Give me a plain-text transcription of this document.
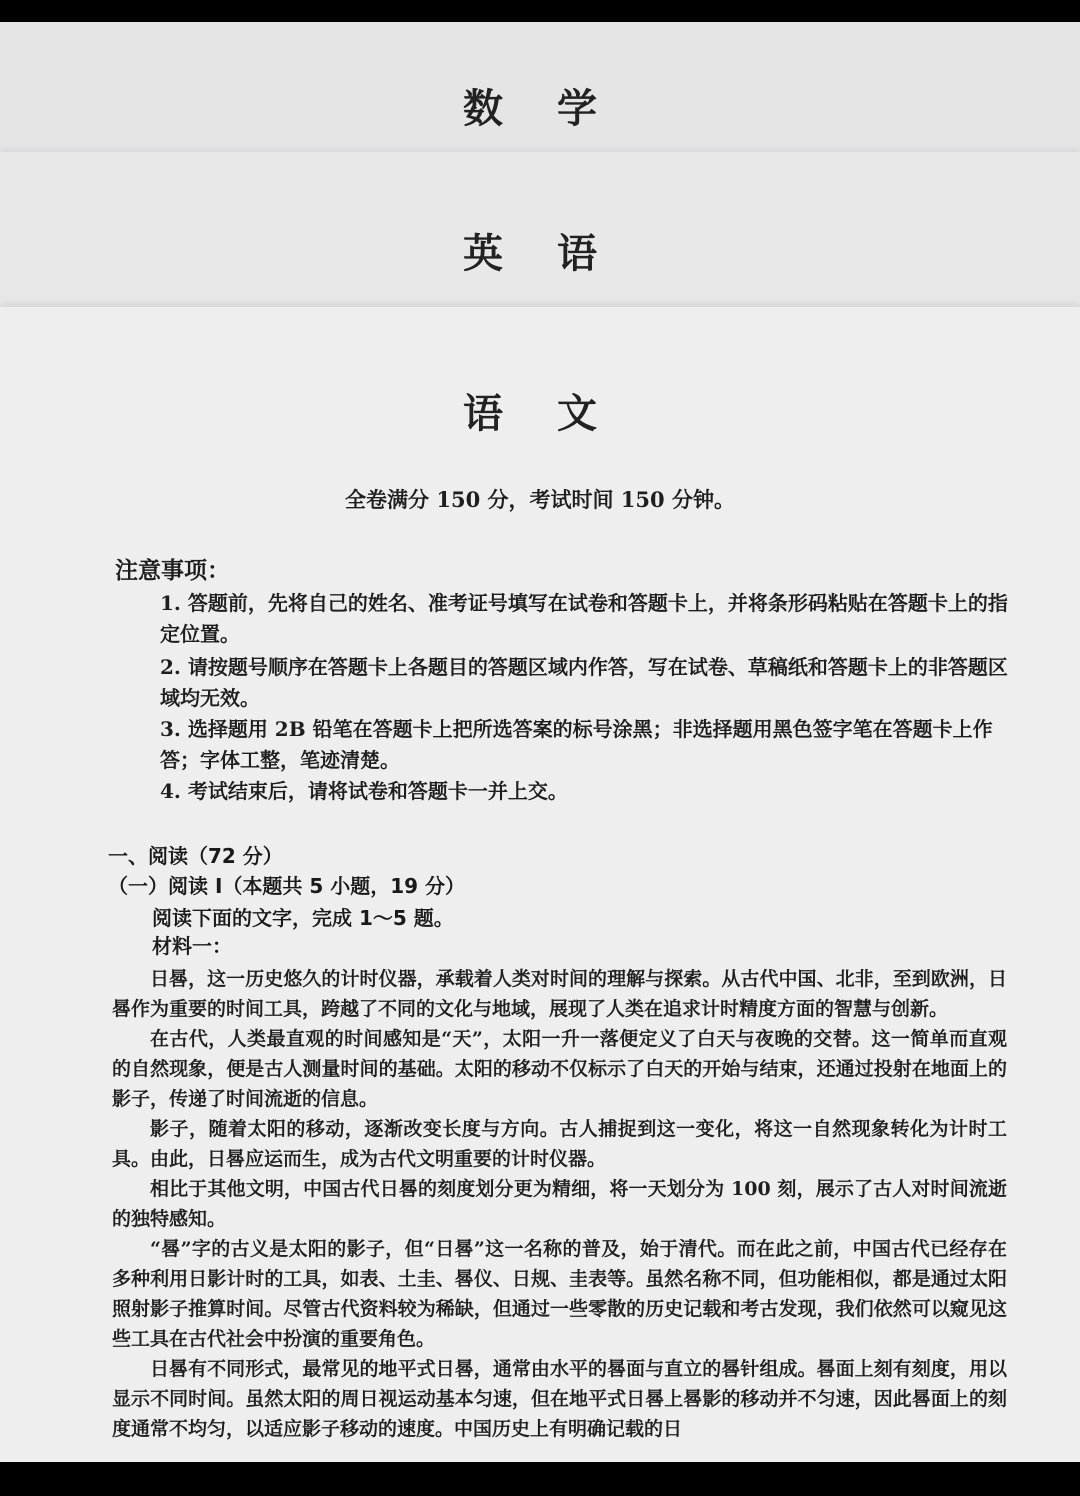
数 学
英 语
语 文
全卷满分 150 分，考试时间 150 分钟。
注意事项：
1. 答题前，先将自己的姓名、准考证号填写在试卷和答题卡上，并将条形码粘贴在答题卡上的指定位置。
2. 请按题号顺序在答题卡上各题目的答题区域内作答，写在试卷、草稿纸和答题卡上的非答题区域均无效。
3. 选择题用 2B 铅笔在答题卡上把所选答案的标号涂黑；非选择题用黑色签字笔在答题卡上作答；字体工整，笔迹清楚。
4. 考试结束后，请将试卷和答题卡一并上交。
一、阅读（72 分）
（一）阅读 Ⅰ（本题共 5 小题，19 分）
阅读下面的文字，完成 1～5 题。
材料一：

日晷，这一历史悠久的计时仪器，承载着人类对时间的理解与探索。从古代中国、北非，至到欧洲，日晷作为重要的时间工具，跨越了不同的文化与地域，展现了人类在追求计时精度方面的智慧与创新。

在古代，人类最直观的时间感知是“天”，太阳一升一落便定义了白天与夜晚的交替。这一简单而直观的自然现象，便是古人测量时间的基础。太阳的移动不仅标示了白天的开始与结束，还通过投射在地面上的影子，传递了时间流逝的信息。

影子，随着太阳的移动，逐渐改变长度与方向。古人捕捉到这一变化，将这一自然现象转化为计时工具。由此，日晷应运而生，成为古代文明重要的计时仪器。

相比于其他文明，中国古代日晷的刻度划分更为精细，将一天划分为 100 刻，展示了古人对时间流逝的独特感知。

“晷”字的古义是太阳的影子，但“日晷”这一名称的普及，始于清代。而在此之前，中国古代已经存在多种利用日影计时的工具，如表、土圭、晷仪、日规、圭表等。虽然名称不同，但功能相似，都是通过太阳照射影子推算时间。尽管古代资料较为稀缺，但通过一些零散的历史记载和考古发现，我们依然可以窥见这些工具在古代社会中扮演的重要角色。

日晷有不同形式，最常见的地平式日晷，通常由水平的晷面与直立的晷针组成。晷面上刻有刻度，用以显示不同时间。虽然太阳的周日视运动基本匀速，但在地平式日晷上晷影的移动并不匀速，因此晷面上的刻度通常不均匀，以适应影子移动的速度。中国历史上有明确记载的日
